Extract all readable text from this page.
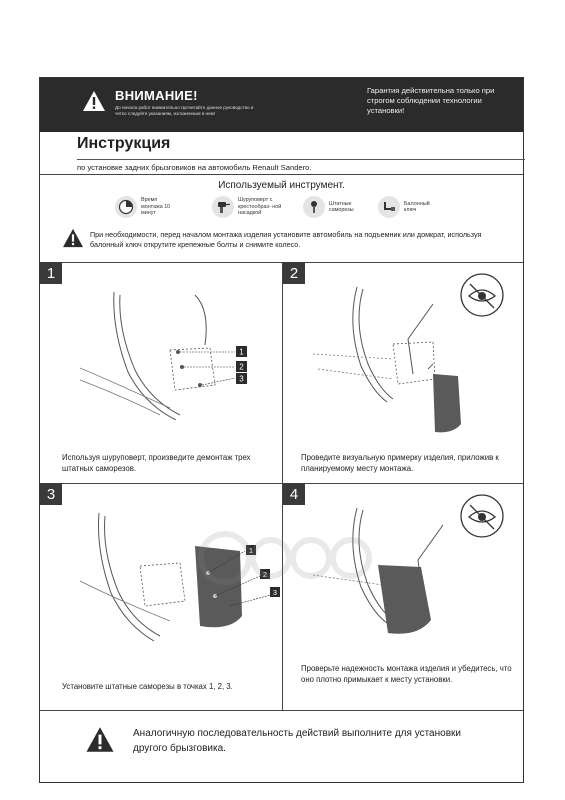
ВНИМАНИЕ!
До начала работ внимательно прочитайте данное руководство и четко следуйте указаниям, изложенным в нем!
Гарантия действительна только при строгом соблюдении технологии установки!
Инструкция
по установке задних брызговиков на автомобиль Renault Sandero.
Используемый инструмент.
Время монтажа 10 минут
Шуруповерт с крестообраз- ной насадкой
Штатные саморезы
Балонный ключ
При необходимости, перед началом монтажа изделия установите автомобиль на подъемник или домкрат, используя балонный ключ открутите крепежные болты и снимите колесо.
1
1
2
3
Используя шуруповерт, произведите демонтаж трех штатных саморезов.
2
Проведите визуальную примерку изделия, приложив к планируемому месту монтажа.
3
1
2
3
Установите штатные саморезы в точках 1, 2, 3.
4
Проверьте надежность монтажа изделия и убедитесь, что оно плотно примыкает к месту установки.
Аналогичную последовательность действий выполните для установки другого брызговика.
